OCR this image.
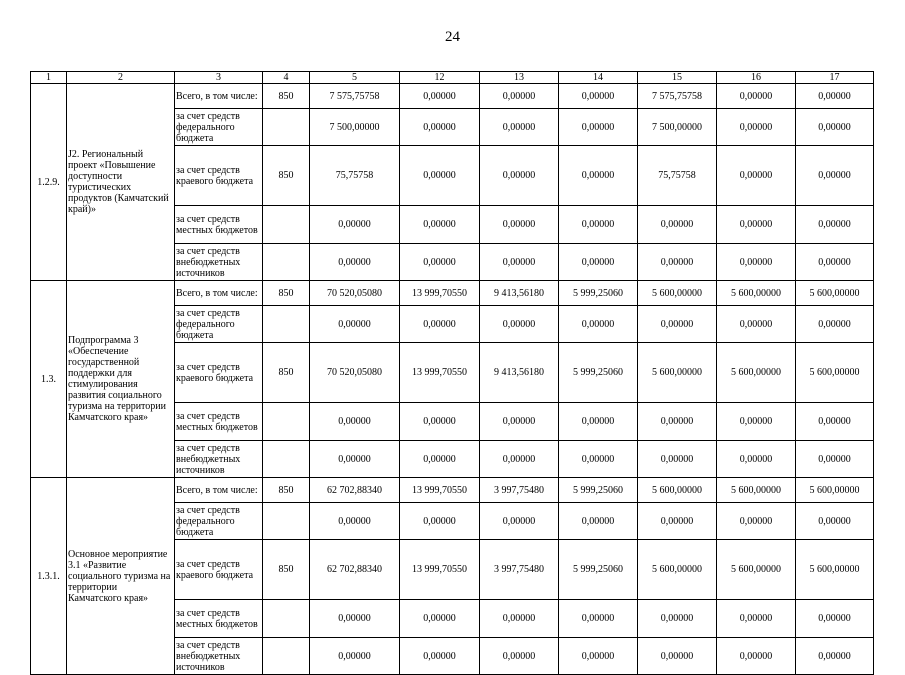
24
1	2	3	4	5	12	13	14	15	16	17
1.2.9.	J2. Региональный проект «Повышение доступности туристических продуктов (Камчатский край)»	Всего, в том числе:	850	7 575,75758	0,00000	0,00000	0,00000	7 575,75758	0,00000	0,00000
		за счет средств федерального бюджета		7 500,00000	0,00000	0,00000	0,00000	7 500,00000	0,00000	0,00000
		за счет средств краевого бюджета	850	75,75758	0,00000	0,00000	0,00000	75,75758	0,00000	0,00000
		за счет средств местных бюджетов		0,00000	0,00000	0,00000	0,00000	0,00000	0,00000	0,00000
		за счет средств внебюджетных источников		0,00000	0,00000	0,00000	0,00000	0,00000	0,00000	0,00000
1.3.	Подпрограмма 3 «Обеспечение государственной поддержки для стимулирования развития социального туризма на территории Камчатского края»	Всего, в том числе:	850	70 520,05080	13 999,70550	9 413,56180	5 999,25060	5 600,00000	5 600,00000	5 600,00000
		за счет средств федерального бюджета		0,00000	0,00000	0,00000	0,00000	0,00000	0,00000	0,00000
		за счет средств краевого бюджета	850	70 520,05080	13 999,70550	9 413,56180	5 999,25060	5 600,00000	5 600,00000	5 600,00000
		за счет средств местных бюджетов		0,00000	0,00000	0,00000	0,00000	0,00000	0,00000	0,00000
		за счет средств внебюджетных источников		0,00000	0,00000	0,00000	0,00000	0,00000	0,00000	0,00000
1.3.1.	Основное мероприятие 3.1 «Развитие социального туризма на территории Камчатского края»	Всего, в том числе:	850	62 702,88340	13 999,70550	3 997,75480	5 999,25060	5 600,00000	5 600,00000	5 600,00000
		за счет средств федерального бюджета		0,00000	0,00000	0,00000	0,00000	0,00000	0,00000	0,00000
		за счет средств краевого бюджета	850	62 702,88340	13 999,70550	3 997,75480	5 999,25060	5 600,00000	5 600,00000	5 600,00000
		за счет средств местных бюджетов		0,00000	0,00000	0,00000	0,00000	0,00000	0,00000	0,00000
		за счет средств внебюджетных источников		0,00000	0,00000	0,00000	0,00000	0,00000	0,00000	0,00000
